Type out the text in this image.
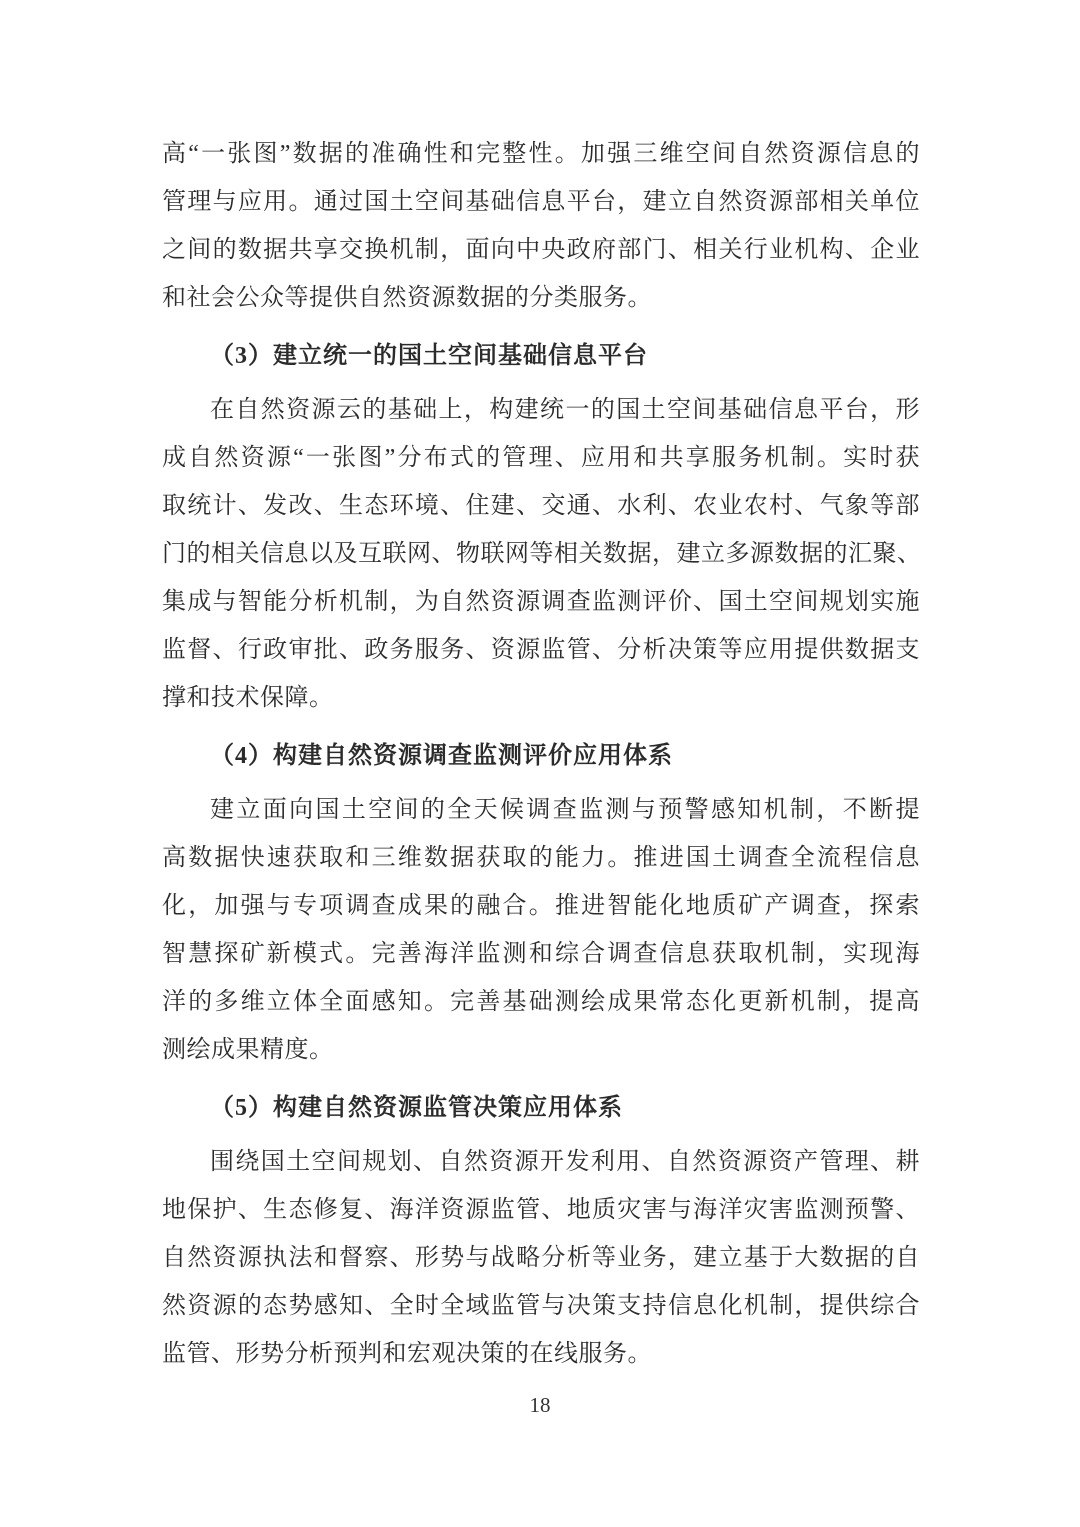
高“一张图”数据的准确性和完整性。加强三维空间自然资源信息的
管理与应用。通过国土空间基础信息平台，建立自然资源部相关单位
之间的数据共享交换机制，面向中央政府部门、相关行业机构、企业
和社会公众等提供自然资源数据的分类服务。
（3）建立统一的国土空间基础信息平台
在自然资源云的基础上，构建统一的国土空间基础信息平台，形
成自然资源“一张图”分布式的管理、应用和共享服务机制。实时获
取统计、发改、生态环境、住建、交通、水利、农业农村、气象等部
门的相关信息以及互联网、物联网等相关数据，建立多源数据的汇聚、
集成与智能分析机制，为自然资源调查监测评价、国土空间规划实施
监督、行政审批、政务服务、资源监管、分析决策等应用提供数据支
撑和技术保障。
（4）构建自然资源调查监测评价应用体系
建立面向国土空间的全天候调查监测与预警感知机制，不断提
高数据快速获取和三维数据获取的能力。推进国土调查全流程信息
化，加强与专项调查成果的融合。推进智能化地质矿产调查，探索
智慧探矿新模式。完善海洋监测和综合调查信息获取机制，实现海
洋的多维立体全面感知。完善基础测绘成果常态化更新机制，提高
测绘成果精度。
（5）构建自然资源监管决策应用体系
围绕国土空间规划、自然资源开发利用、自然资源资产管理、耕
地保护、生态修复、海洋资源监管、地质灾害与海洋灾害监测预警、
自然资源执法和督察、形势与战略分析等业务，建立基于大数据的自
然资源的态势感知、全时全域监管与决策支持信息化机制，提供综合
监管、形势分析预判和宏观决策的在线服务。
18
